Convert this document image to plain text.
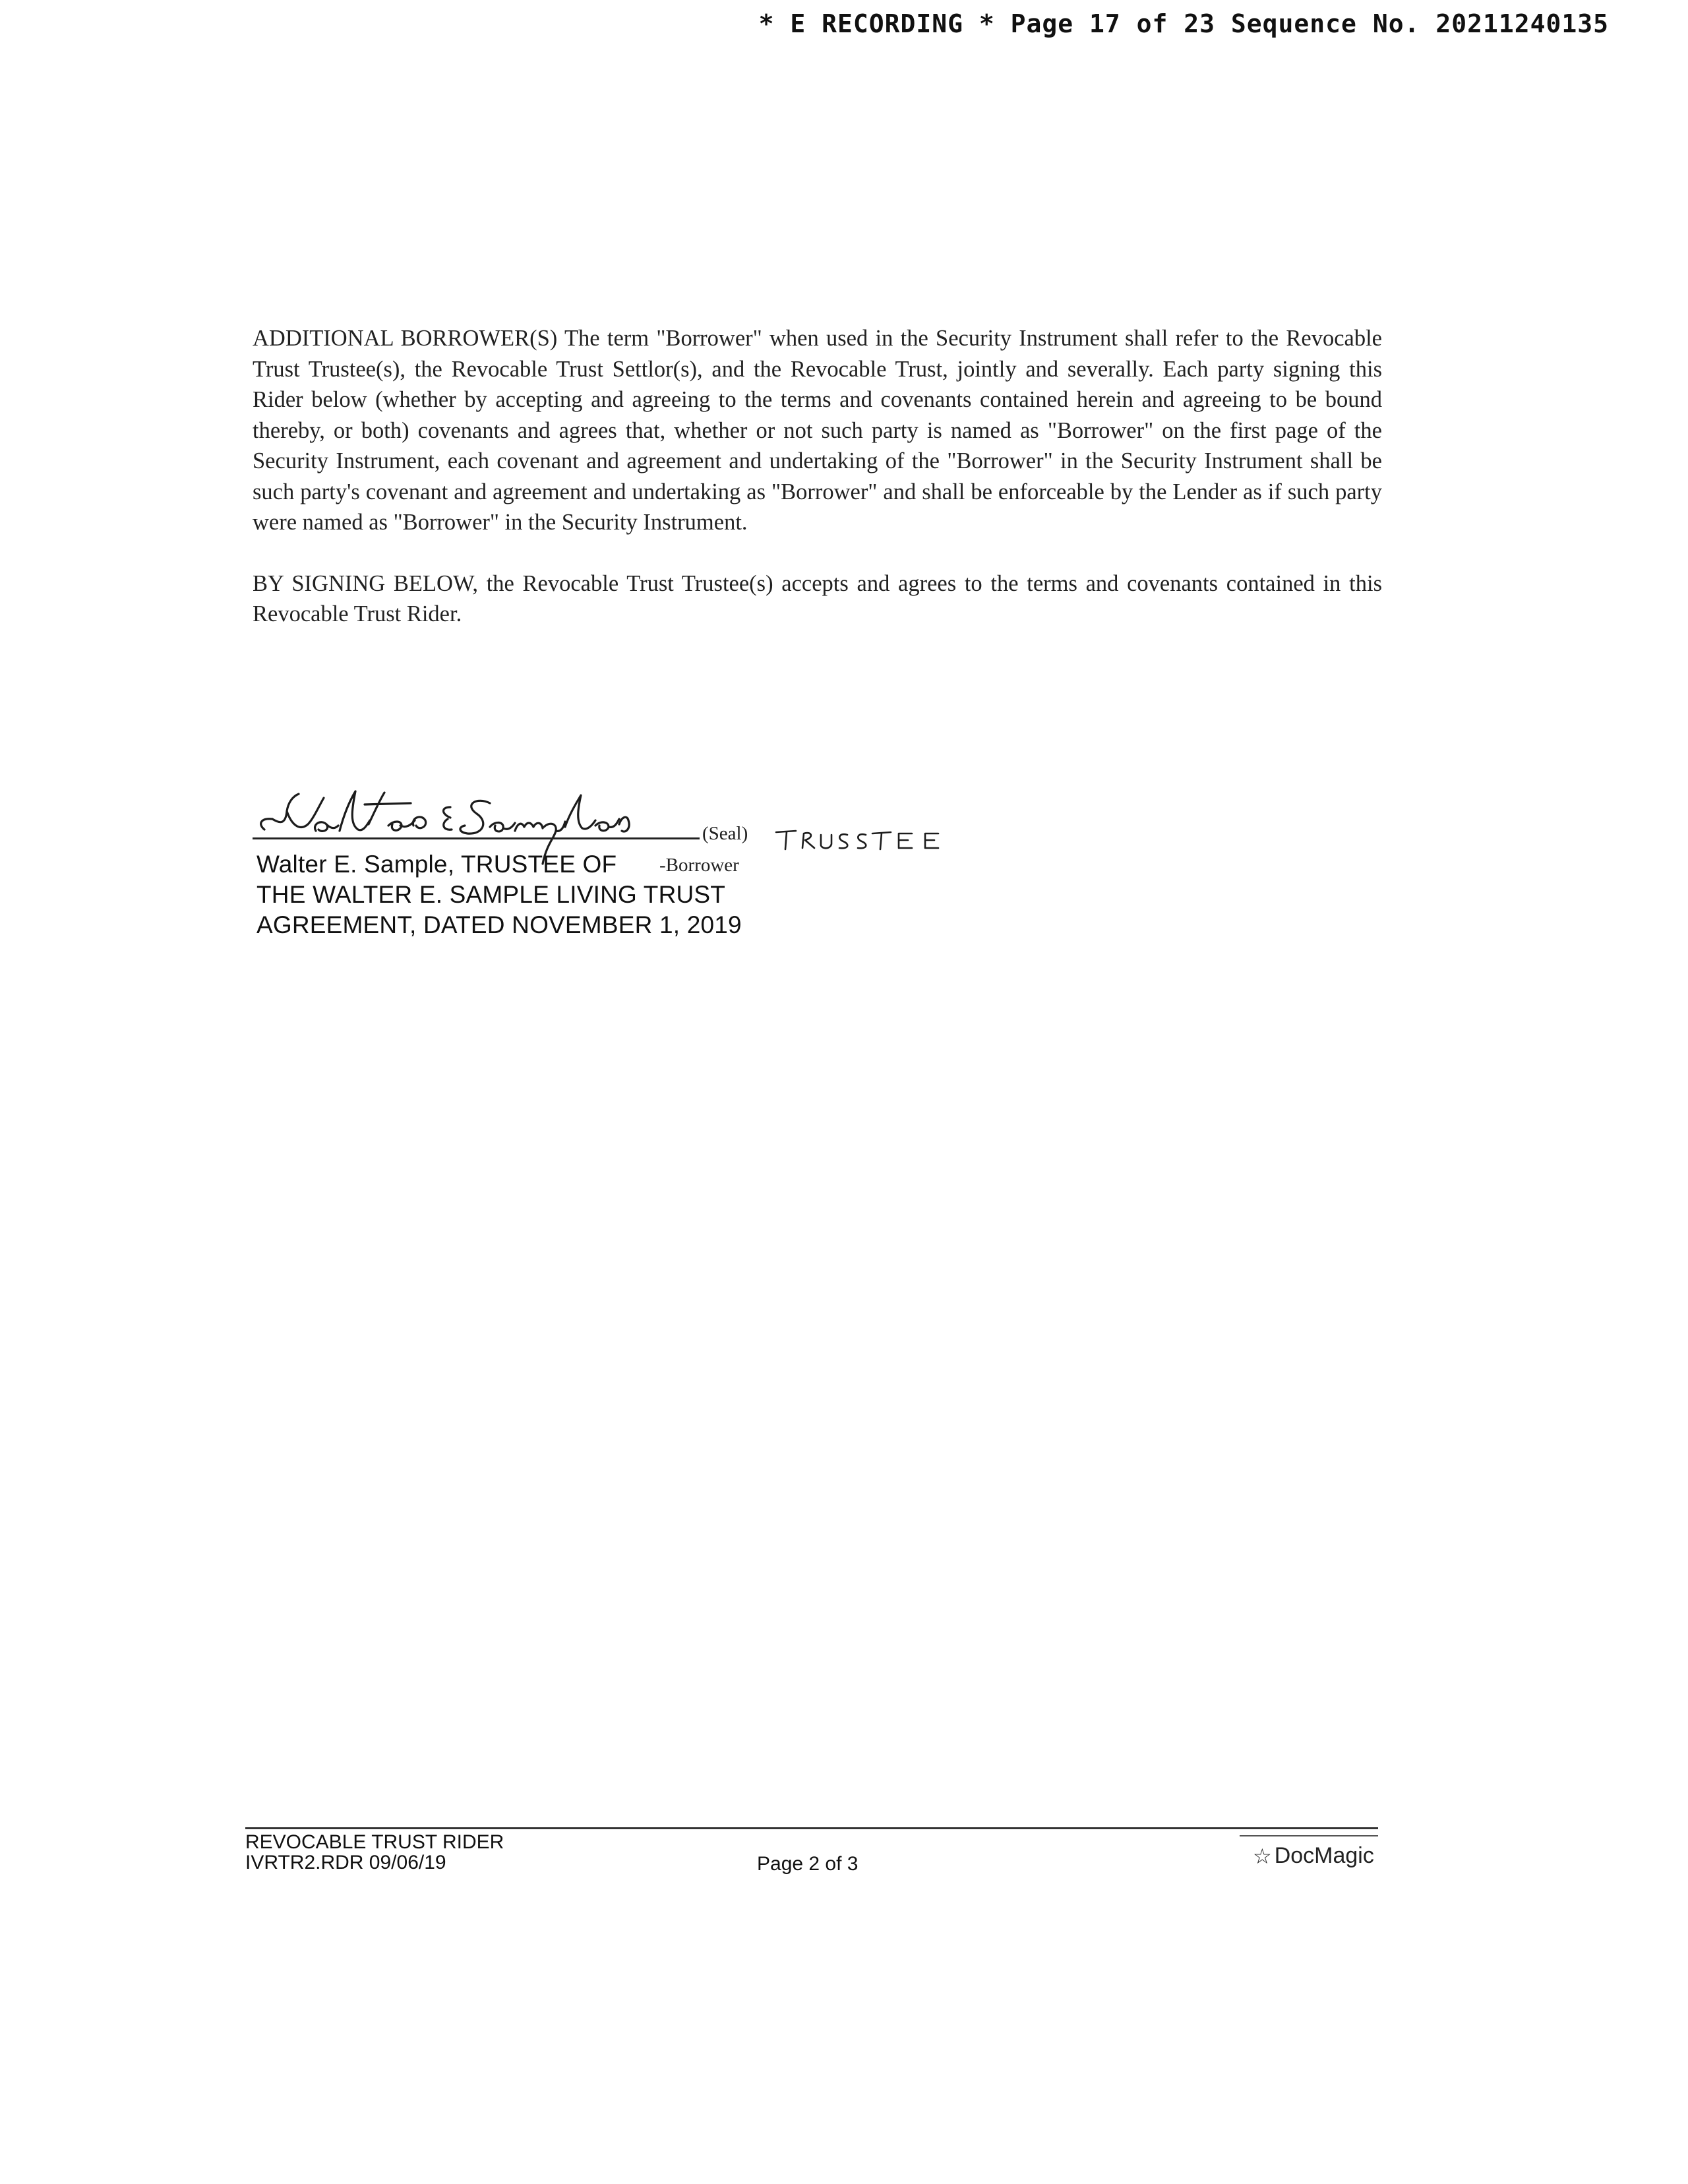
* E RECORDING * Page 17 of 23 Sequence No. 20211240135

ADDITIONAL BORROWER(S) The term "Borrower" when used in the Security Instrument shall refer to the Revocable Trust Trustee(s), the Revocable Trust Settlor(s), and the Revocable Trust, jointly and severally. Each party signing this Rider below (whether by accepting and agreeing to the terms and covenants contained herein and agreeing to be bound thereby, or both) covenants and agrees that, whether or not such party is named as "Borrower" on the first page of the Security Instrument, each covenant and agreement and undertaking of the "Borrower" in the Security Instrument shall be such party's covenant and agreement and undertaking as "Borrower" and shall be enforceable by the Lender as if such party were named as "Borrower" in the Security Instrument.

BY SIGNING BELOW, the Revocable Trust Trustee(s) accepts and agrees to the terms and covenants contained in this Revocable Trust Rider.

(Seal)
-Borrower
Walter E. Sample, TRUSTEE OF
THE WALTER E. SAMPLE LIVING TRUST
AGREEMENT, DATED NOVEMBER 1, 2019
REVOCABLE TRUST RIDER
IVRTR2.RDR 09/06/19	Page 2 of 3	☆ DocMagic
